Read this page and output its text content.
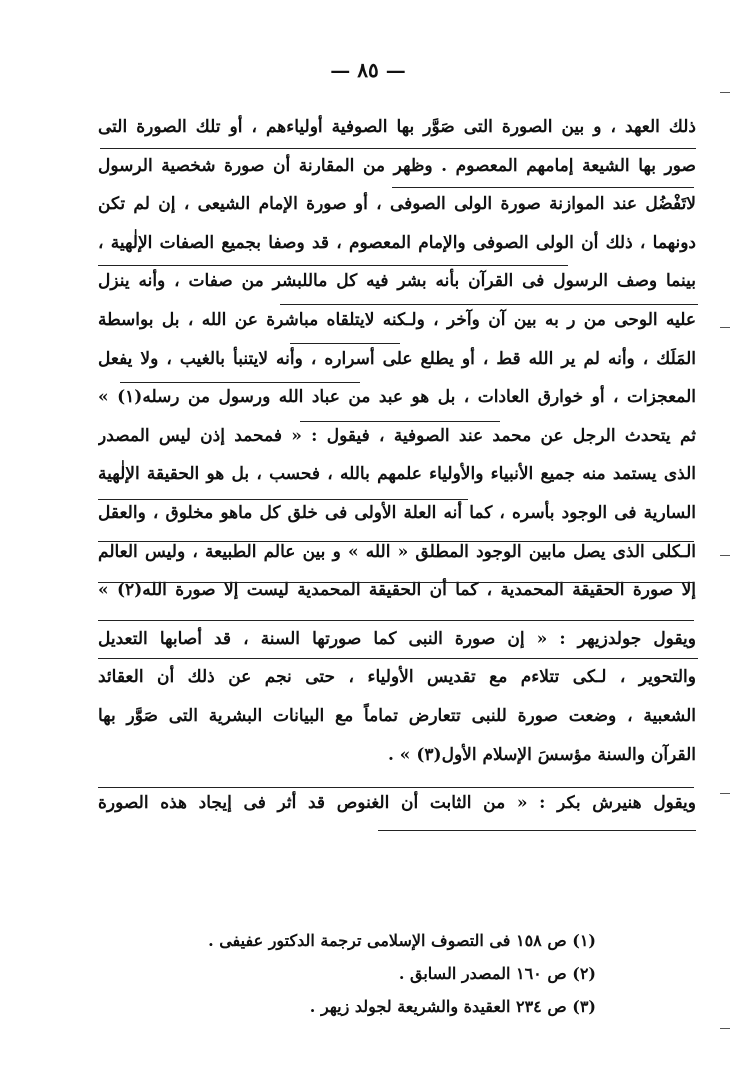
— ٨٥ —
ذلك العهد ، و بين الصورة التى صَوَّر بها الصوفية أولياءهم ، أو تلك الصورة التى
صور بها الشيعة إمامهم المعصوم . وظهر من المقارنة أن صورة شخصية الرسول
لاتَفْضُل عند الموازنة صورة الولى الصوفى ، أو صورة الإمام الشيعى ، إن لم تكن
دونهما ، ذلك أن الولى الصوفى والإمام المعصوم ، قد وصفا بجميع الصفات الإلٰهية ،
بينما وصف الرسول فى القرآن بأنه بشر فيه كل ماللبشر من صفات ، وأنه ينزل
عليه الوحى من ر به بين آن وآخر ، ولـكنه لايتلقاه مباشرة عن الله ، بل بواسطة
المَلَك ، وأنه لم ير الله قط ، أو يطلع على أسراره ، وأنه لايتنبأ بالغيب ، ولا يفعل
المعجزات ، أو خوارق العادات ، بل هو عبد من عباد الله ورسول من رسله(١) »
ثم يتحدث الرجل عن محمد عند الصوفية ، فيقول : « فمحمد إذن ليس المصدر
الذى يستمد منه جميع الأنبياء والأولياء علمهم بالله ، فحسب ، بل هو الحقيقة الإلٰهية
السارية فى الوجود بأسره ، كما أنه العلة الأولى فى خلق كل ماهو مخلوق ، والعقل
الـكلى الذى يصل مابين الوجود المطلق « الله » و بين عالم الطبيعة ، وليس العالم
إلا صورة الحقيقة المحمدية ، كما أن الحقيقة المحمدية ليست إلا صورة الله(٢) »
ويقول جولدزيهر : « إن صورة النبى كما صورتها السنة ، قد أصابها التعديل
والتحوير ، لـكى تتلاءم مع تقديس الأولياء ، حتى نجم عن ذلك أن العقائد
الشعبية ، وضعت صورة للنبى تتعارض تماماً مع البيانات البشرية التى صَوَّر بها
القرآن والسنة مؤسسَ الإسلام الأول(٣) » .
ويقول هنيرش بكر : « من الثابت أن الغنوص قد أثر فى إيجاد هذه الصورة
(١) ص ١٥٨ فى التصوف الإسلامى ترجمة الدكتور عفيفى .
(٢) ص ١٦٠ المصدر السابق .
(٣) ص ٢٣٤ العقيدة والشريعة لجولد زيهر .
